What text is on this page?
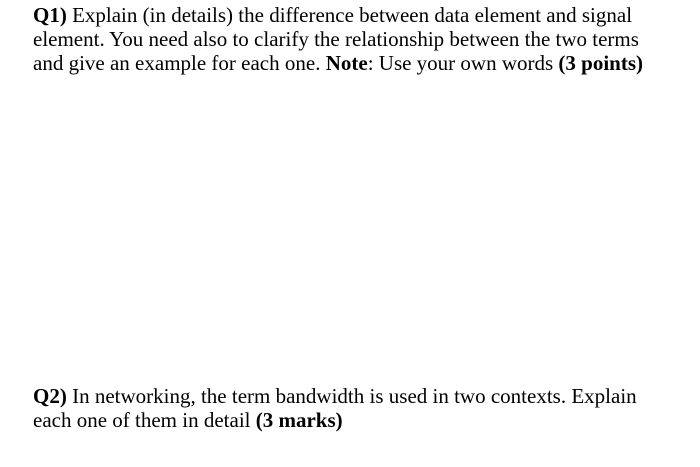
Q1) Explain (in details) the difference between data element and signal
element. You need also to clarify the relationship between the two terms
and give an example for each one. Note: Use your own words (3 points)
Q2) In networking, the term bandwidth is used in two contexts. Explain
each one of them in detail (3 marks)
